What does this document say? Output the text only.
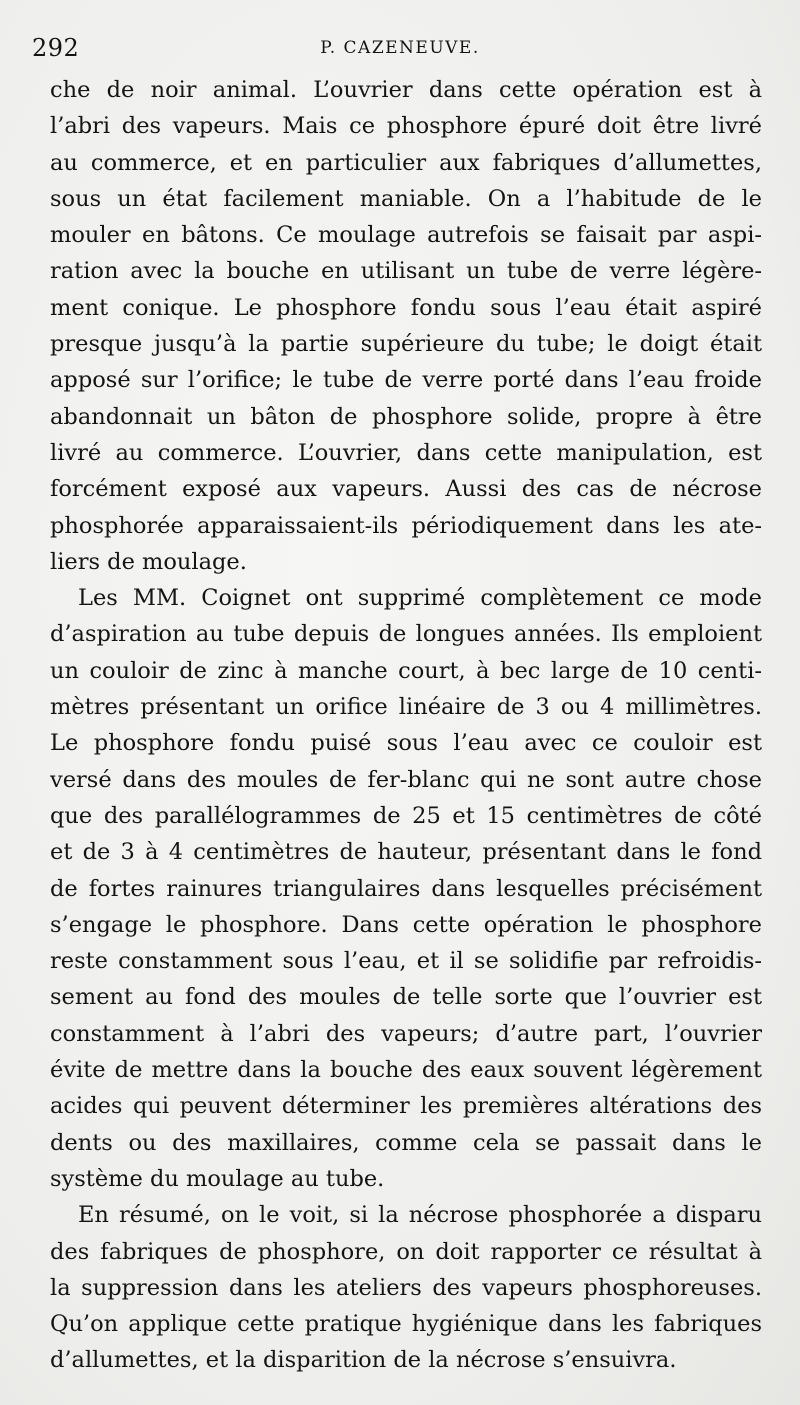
292	P. CAZENEUVE.
che de noir animal. L’ouvrier dans cette opération est à
l’abri des vapeurs. Mais ce phosphore épuré doit être livré
au commerce, et en particulier aux fabriques d’allumettes,
sous un état facilement maniable. On a l’habitude de le
mouler en bâtons. Ce moulage autrefois se faisait par aspi-
ration avec la bouche en utilisant un tube de verre légère-
ment conique. Le phosphore fondu sous l’eau était aspiré
presque jusqu’à la partie supérieure du tube; le doigt était
apposé sur l’orifice; le tube de verre porté dans l’eau froide
abandonnait un bâton de phosphore solide, propre à être
livré au commerce. L’ouvrier, dans cette manipulation, est
forcément exposé aux vapeurs. Aussi des cas de nécrose
phosphorée apparaissaient-ils périodiquement dans les ate-
liers de moulage.
Les MM. Coignet ont supprimé complètement ce mode
d’aspiration au tube depuis de longues années. Ils emploient
un couloir de zinc à manche court, à bec large de 10 centi-
mètres présentant un orifice linéaire de 3 ou 4 millimètres.
Le phosphore fondu puisé sous l’eau avec ce couloir est
versé dans des moules de fer-blanc qui ne sont autre chose
que des parallélogrammes de 25 et 15 centimètres de côté
et de 3 à 4 centimètres de hauteur, présentant dans le fond
de fortes rainures triangulaires dans lesquelles précisément
s’engage le phosphore. Dans cette opération le phosphore
reste constamment sous l’eau, et il se solidifie par refroidis-
sement au fond des moules de telle sorte que l’ouvrier est
constamment à l’abri des vapeurs; d’autre part, l’ouvrier
évite de mettre dans la bouche des eaux souvent légèrement
acides qui peuvent déterminer les premières altérations des
dents ou des maxillaires, comme cela se passait dans le
système du moulage au tube.
En résumé, on le voit, si la nécrose phosphorée a disparu
des fabriques de phosphore, on doit rapporter ce résultat à
la suppression dans les ateliers des vapeurs phosphoreuses.
Qu’on applique cette pratique hygiénique dans les fabriques
d’allumettes, et la disparition de la nécrose s’ensuivra.
